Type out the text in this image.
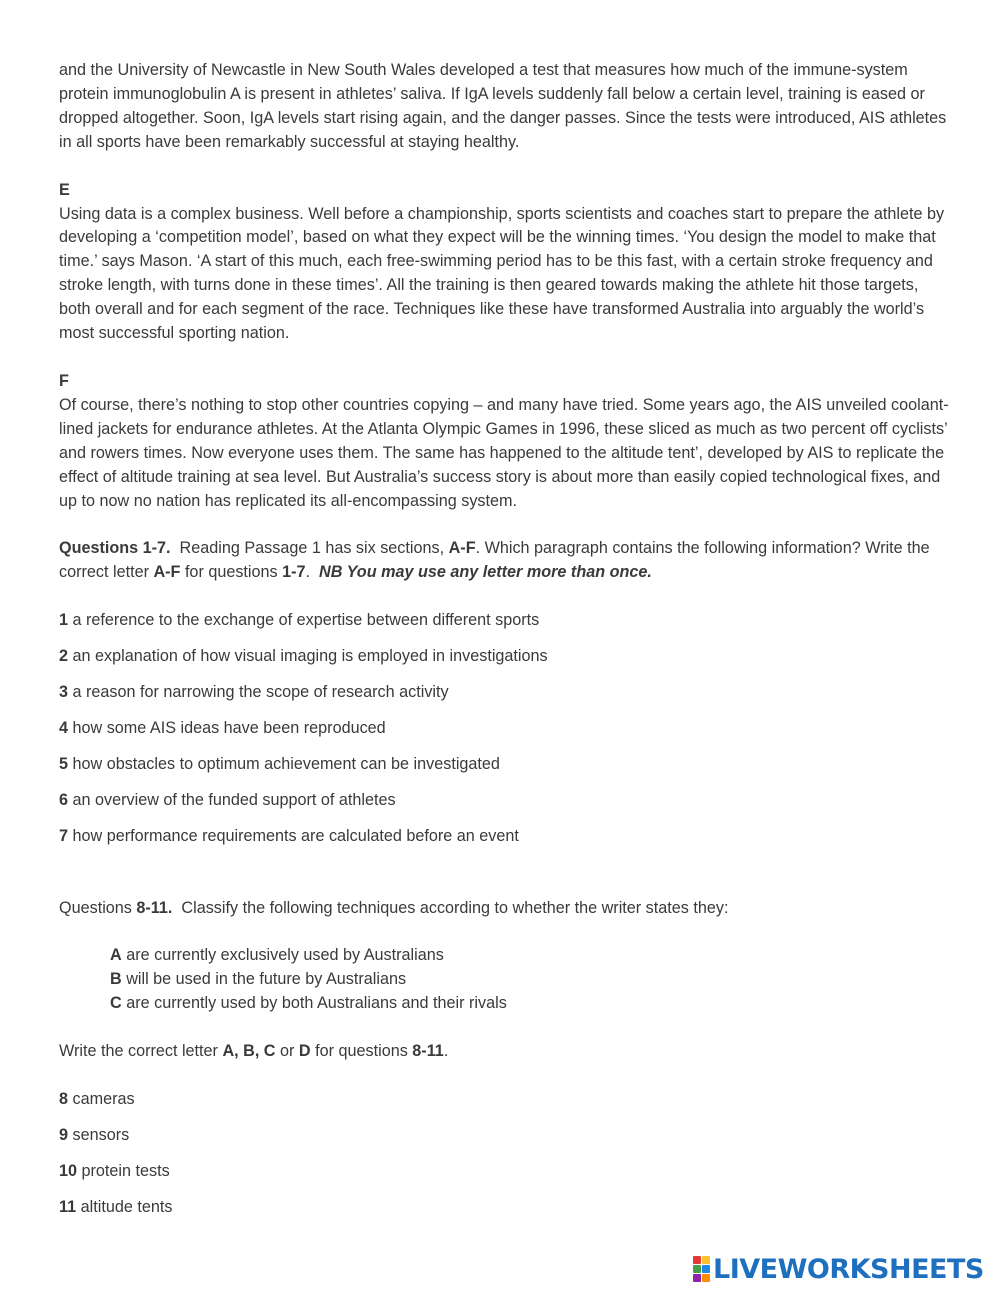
and the University of Newcastle in New South Wales developed a test that measures how much of the immune-system protein immunoglobulin A is present in athletes’ saliva. If IgA levels suddenly fall below a certain level, training is eased or dropped altogether. Soon, IgA levels start rising again, and the danger passes. Since the tests were introduced, AIS athletes in all sports have been remarkably successful at staying healthy.

E

Using data is a complex business. Well before a championship, sports scientists and coaches start to prepare the athlete by developing a ‘competition model’, based on what they expect will be the winning times. ‘You design the model to make that time.’ says Mason. ‘A start of this much, each free-swimming period has to be this fast, with a certain stroke frequency and stroke length, with turns done in these times’. All the training is then geared towards making the athlete hit those targets, both overall and for each segment of the race. Techniques like these have transformed Australia into arguably the world’s most successful sporting nation.

F

Of course, there’s nothing to stop other countries copying – and many have tried. Some years ago, the AIS unveiled coolant-lined jackets for endurance athletes. At the Atlanta Olympic Games in 1996, these sliced as much as two percent off cyclists’ and rowers times. Now everyone uses them. The same has happened to the altitude tent’, developed by AIS to replicate the effect of altitude training at sea level. But Australia’s success story is about more than easily copied technological fixes, and up to now no nation has replicated its all-encompassing system.

Questions 1-7. Reading Passage 1 has six sections, A-F. Which paragraph contains the following information? Write the correct letter A-F for questions 1-7. NB You may use any letter more than once.

1 a reference to the exchange of expertise between different sports

2 an explanation of how visual imaging is employed in investigations

3 a reason for narrowing the scope of research activity

4 how some AIS ideas have been reproduced

5 how obstacles to optimum achievement can be investigated

6 an overview of the funded support of athletes

7 how performance requirements are calculated before an event

Questions 8-11. Classify the following techniques according to whether the writer states they:

A are currently exclusively used by Australians

B will be used in the future by Australians

C are currently used by both Australians and their rivals

Write the correct letter A, B, C or D for questions 8-11.

8 cameras

9 sensors

10 protein tests

11 altitude tents

LIVEWORKSHEETS
